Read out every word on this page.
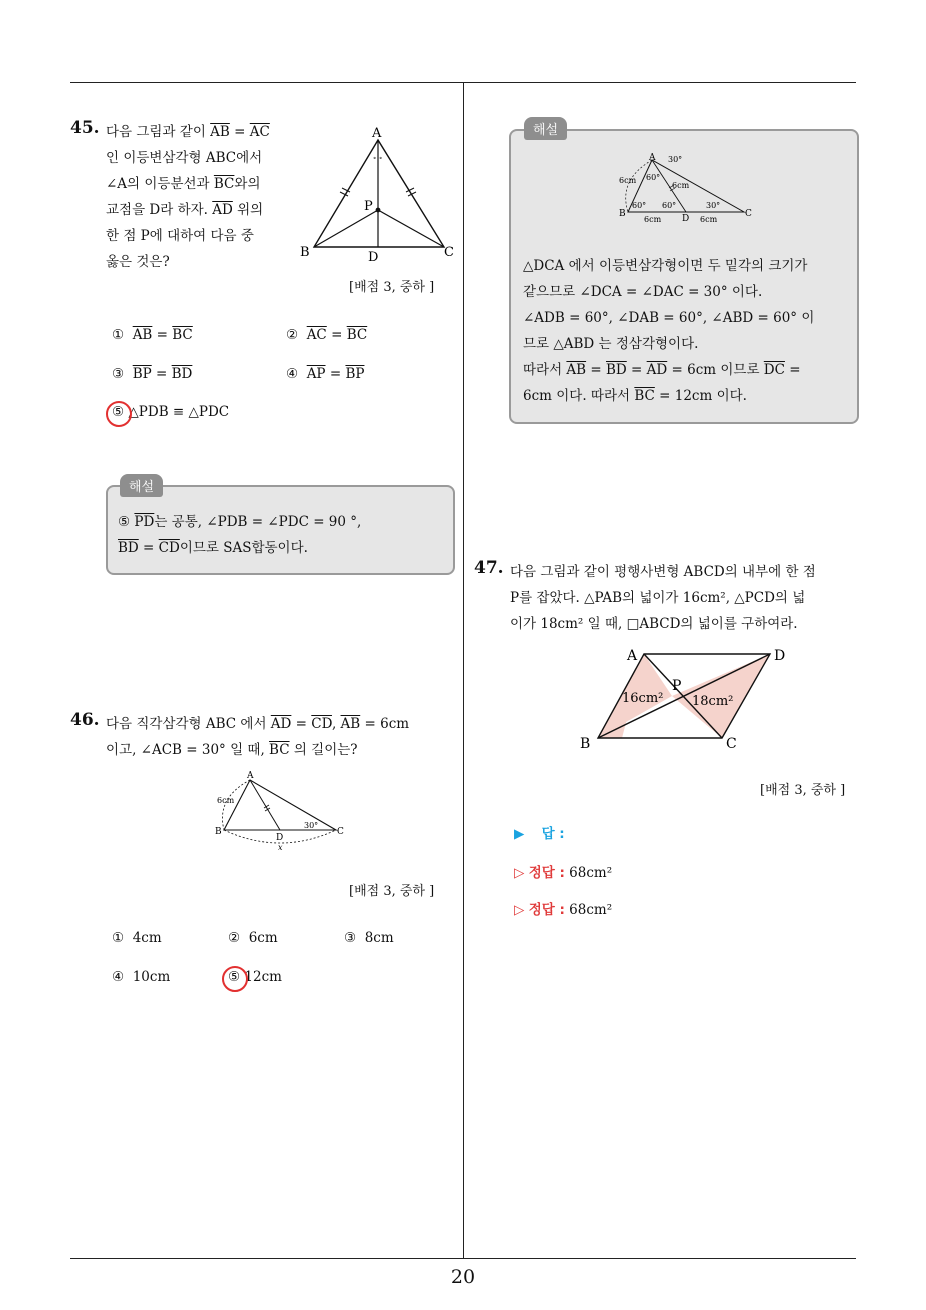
45. 다음 그림과 같이 $\overline{AB} = \overline{AC}$
인 이등변삼각형 ABC에서
∠A의 이등분선과 $\overline{BC}$와의
교점을 D라 하자. $\overline{AD}$ 위의
한 점 P에 대하여 다음 중
옳은 것은?
∘ ∘
A
B	C
D
P
[배점 3, 중하 ]
①  $\overline{AB} = \overline{BC}$	②  $\overline{AC} = \overline{BC}$
③  $\overline{BP} = \overline{BD}$	④  $\overline{AP} = \overline{BP}$
⑤ △PDB ≡ △PDC
해설
⑤ $\overline{PD}$는 공통, ∠PDB = ∠PDC = 90 °,
$\overline{BD} = \overline{CD}$이므로 SAS합동이다.
46. 다음 직각삼각형 ABC 에서 $\overline{AD} = \overline{CD}$, $\overline{AB} = 6cm$
이고, ∠ACB = 30° 일 때, $\overline{BC}$ 의 길이는?
A
B	C
D
6cm
30°
x
[배점 3, 중하 ]
① 4cm	② 6cm	③ 8cm
④ 10cm	⑤ 12cm
해설
A
B	C
D
30°
60°
60° 60°	30°
6cm
6cm
6cm	6cm
△DCA 에서 이등변삼각형이면 두 밑각의 크기가
같으므로 ∠DCA = ∠DAC = 30° 이다.
∠ADB = 60°, ∠DAB = 60°, ∠ABD = 60° 이
므로 △ABD 는 정삼각형이다.
따라서 $\overline{AB} = \overline{BD} = \overline{AD} = 6cm$ 이므로 $\overline{DC}$ =
6cm 이다. 따라서 $\overline{BC} = 12cm$ 이다.
47. 다음 그림과 같이 평행사변형 ABCD의 내부에 한 점
P를 잡았다. △PAB의 넓이가 16cm², △PCD의 넓
이가 18cm² 일 때, □ABCD의 넓이를 구하여라.
A	D
B	C
P
16cm² 18cm²
[배점 3, 중하 ]
▶ 답 :
▷ 정답 : 68cm²
▷ 정답 : 68cm²
20
